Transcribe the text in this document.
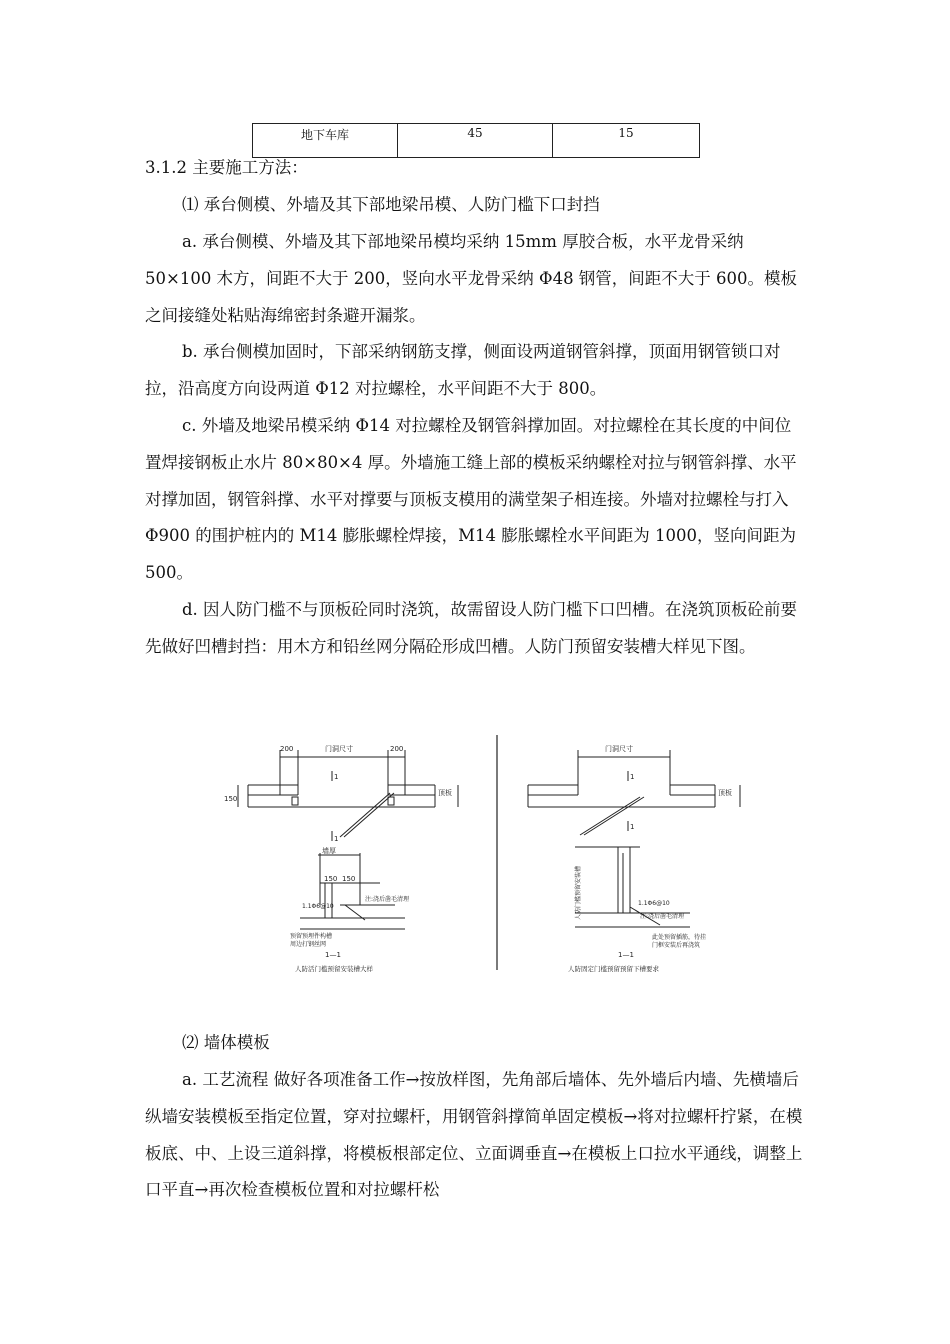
地下车库	45	15

3.1.2 主要施工方法：

⑴ 承台侧模、外墙及其下部地梁吊模、人防门槛下口封挡

a. 承台侧模、外墙及其下部地梁吊模均采纳 15mm 厚胶合板，水平龙骨采纳 50×100 木方，间距不大于 200，竖向水平龙骨采纳 Φ48 钢管，间距不大于 600。模板之间接缝处粘贴海绵密封条避开漏浆。

b. 承台侧模加固时，下部采纳钢筋支撑，侧面设两道钢管斜撑，顶面用钢管锁口对拉，沿高度方向设两道 Φ12 对拉螺栓，水平间距不大于 800。

c. 外墙及地梁吊模采纳 Φ14 对拉螺栓及钢管斜撑加固。对拉螺栓在其长度的中间位置焊接钢板止水片 80×80×4 厚。外墙施工缝上部的模板采纳螺栓对拉与钢管斜撑、水平对撑加固，钢管斜撑、水平对撑要与顶板支模用的满堂架子相连接。外墙对拉螺栓与打入 Φ900 的围护桩内的 M14 膨胀螺栓焊接，M14 膨胀螺栓水平间距为 1000，竖向间距为 500。

d. 因人防门槛不与顶板砼同时浇筑，故需留设人防门槛下口凹槽。在浇筑顶板砼前要先做好凹槽封挡：用木方和铅丝网分隔砼形成凹槽。人防门预留安装槽大样见下图。

200	门洞尺寸	200
150
1
1
顶板
墙厚
150 150
1.1Φ6@10
注:浇后凿毛清理
预留预埋件构槽
周边打钢丝网
1—1
人防活门槛预留安装槽大样
门洞尺寸
1
1
顶板
1.1Φ6@10
注:浇后凿毛清理
此处预留插筋，待挂
门框安装后再浇筑
人防门槛预留安装槽
1—1
人防固定门槛预留预留下槽要求

⑵ 墙体模板

a. 工艺流程 做好各项准备工作→按放样图，先角部后墙体、先外墙后内墙、先横墙后纵墙安装模板至指定位置，穿对拉螺杆，用钢管斜撑简单固定模板→将对拉螺杆拧紧，在模板底、中、上设三道斜撑，将模板根部定位、立面调垂直→在模板上口拉水平通线，调整上口平直→再次检查模板位置和对拉螺杆松
